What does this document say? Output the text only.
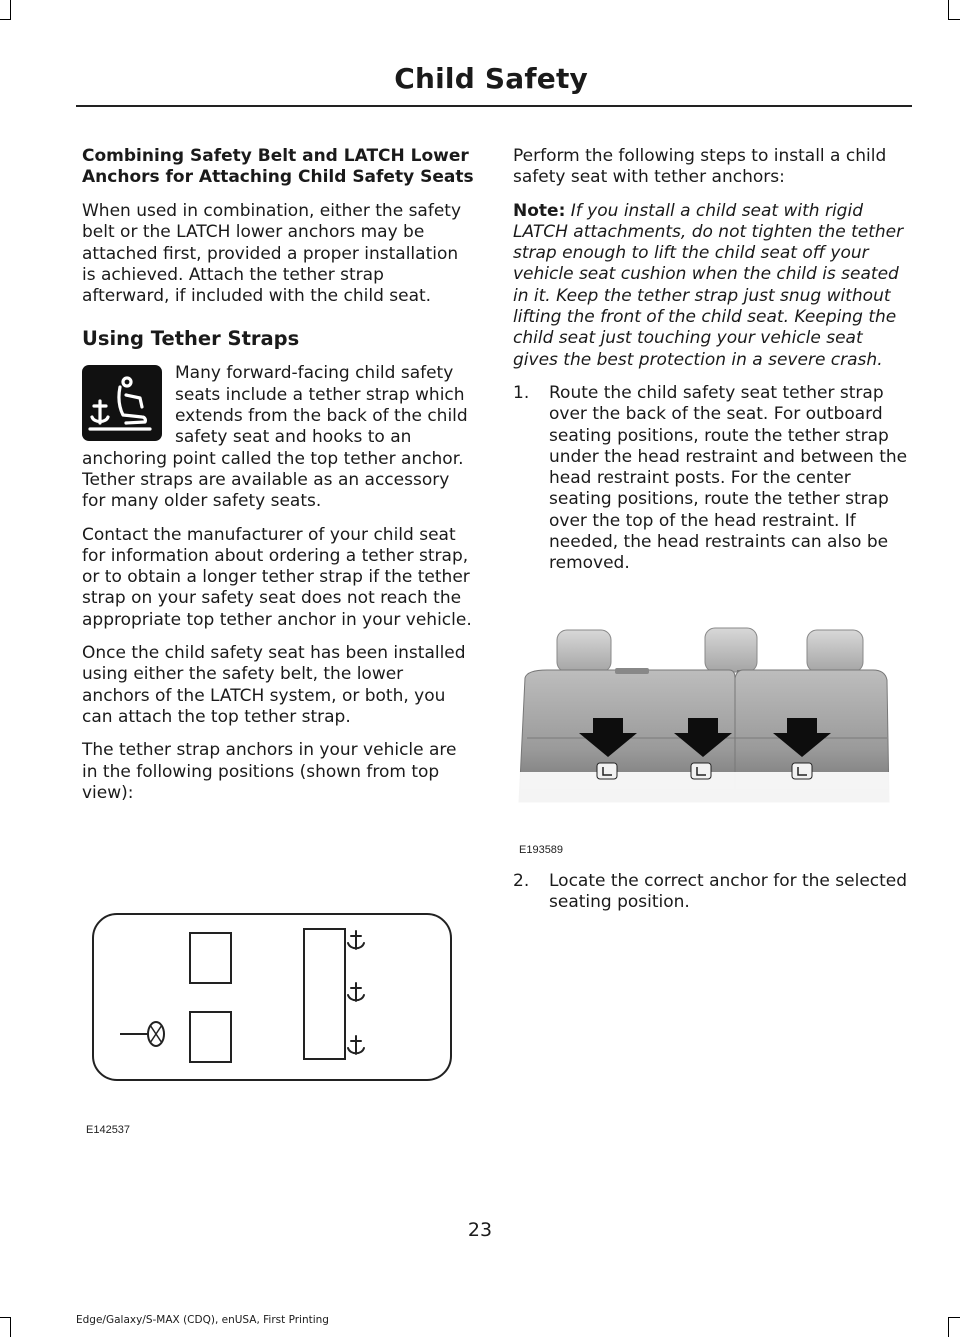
Child Safety
Combining Safety Belt and LATCH Lower Anchors for Attaching Child Safety Seats

When used in combination, either the safety belt or the LATCH lower anchors may be attached first, provided a proper installation is achieved. Attach the tether strap afterward, if included with the child seat.

Using Tether Straps

Many forward-facing child safety seats include a tether strap which extends from the back of the child safety seat and hooks to an anchoring point called the top tether anchor. Tether straps are available as an accessory for many older safety seats.

Contact the manufacturer of your child seat for information about ordering a tether strap, or to obtain a longer tether strap if the tether strap on your safety seat does not reach the appropriate top tether anchor in your vehicle.

Once the child safety seat has been installed using either the safety belt, the lower anchors of the LATCH system, or both, you can attach the top tether strap.

The tether strap anchors in your vehicle are in the following positions (shown from top view):

E142537

Perform the following steps to install a child safety seat with tether anchors:

Note: If you install a child seat with rigid LATCH attachments, do not tighten the tether strap enough to lift the child seat off your vehicle seat cushion when the child is seated in it. Keep the tether strap just snug without lifting the front of the child seat. Keeping the child seat just touching your vehicle seat gives the best protection in a severe crash.

1.	Route the child safety seat tether strap over the back of the seat. For outboard seating positions, route the tether strap under the head restraint and between the head restraint posts. For the center seating positions, route the tether strap over the top of the head restraint. If needed, the head restraints can also be removed.
E193589
2.	Locate the correct anchor for the selected seating position.
23
Edge/Galaxy/S-MAX (CDQ), enUSA, First Printing
